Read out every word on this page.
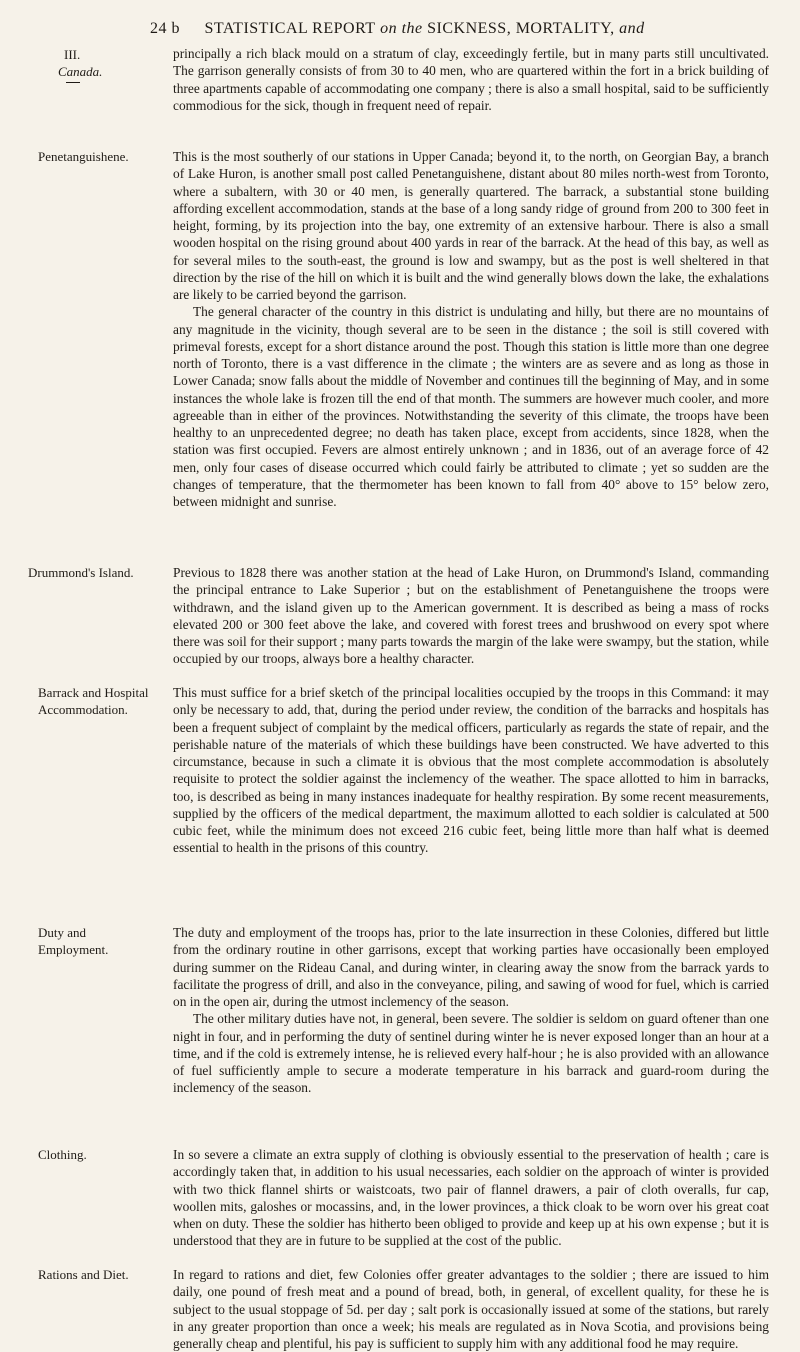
24 b STATISTICAL REPORT on the SICKNESS, MORTALITY, and
III.
Canada.
Penetanguishene.
Drummond's Island.
Barrack and Hospital Accommodation.
Duty and Employment.
Clothing.
Rations and Diet.

principally a rich black mould on a stratum of clay, exceedingly fertile, but in many parts still uncultivated. The garrison generally consists of from 30 to 40 men, who are quartered within the fort in a brick building of three apartments capable of accommodating one company ; there is also a small hospital, said to be sufficiently commodious for the sick, though in frequent need of repair.

This is the most southerly of our stations in Upper Canada; beyond it, to the north, on Georgian Bay, a branch of Lake Huron, is another small post called Penetanguishene, distant about 80 miles north-west from Toronto, where a subaltern, with 30 or 40 men, is generally quartered. The barrack, a substantial stone building affording excellent accommodation, stands at the base of a long sandy ridge of ground from 200 to 300 feet in height, forming, by its projection into the bay, one extremity of an extensive harbour. There is also a small wooden hospital on the rising ground about 400 yards in rear of the barrack. At the head of this bay, as well as for several miles to the south-east, the ground is low and swampy, but as the post is well sheltered in that direction by the rise of the hill on which it is built and the wind generally blows down the lake, the exhalations are likely to be carried beyond the garrison.

The general character of the country in this district is undulating and hilly, but there are no mountains of any magnitude in the vicinity, though several are to be seen in the distance ; the soil is still covered with primeval forests, except for a short distance around the post. Though this station is little more than one degree north of Toronto, there is a vast difference in the climate ; the winters are as severe and as long as those in Lower Canada; snow falls about the middle of November and continues till the beginning of May, and in some instances the whole lake is frozen till the end of that month. The summers are however much cooler, and more agreeable than in either of the provinces. Notwithstanding the severity of this climate, the troops have been healthy to an unprecedented degree; no death has taken place, except from accidents, since 1828, when the station was first occupied. Fevers are almost entirely unknown ; and in 1836, out of an average force of 42 men, only four cases of disease occurred which could fairly be attributed to climate ; yet so sudden are the changes of temperature, that the thermometer has been known to fall from 40° above to 15° below zero, between midnight and sunrise.

Previous to 1828 there was another station at the head of Lake Huron, on Drummond's Island, commanding the principal entrance to Lake Superior ; but on the establishment of Penetanguishene the troops were withdrawn, and the island given up to the American government. It is described as being a mass of rocks elevated 200 or 300 feet above the lake, and covered with forest trees and brushwood on every spot where there was soil for their support ; many parts towards the margin of the lake were swampy, but the station, while occupied by our troops, always bore a healthy character.

This must suffice for a brief sketch of the principal localities occupied by the troops in this Command: it may only be necessary to add, that, during the period under review, the condition of the barracks and hospitals has been a frequent subject of complaint by the medical officers, particularly as regards the state of repair, and the perishable nature of the materials of which these buildings have been constructed. We have adverted to this circumstance, because in such a climate it is obvious that the most complete accommodation is absolutely requisite to protect the soldier against the inclemency of the weather. The space allotted to him in barracks, too, is described as being in many instances inadequate for healthy respiration. By some recent measurements, supplied by the officers of the medical department, the maximum allotted to each soldier is calculated at 500 cubic feet, while the minimum does not exceed 216 cubic feet, being little more than half what is deemed essential to health in the prisons of this country.

The duty and employment of the troops has, prior to the late insurrection in these Colonies, differed but little from the ordinary routine in other garrisons, except that working parties have occasionally been employed during summer on the Rideau Canal, and during winter, in clearing away the snow from the barrack yards to facilitate the progress of drill, and also in the conveyance, piling, and sawing of wood for fuel, which is carried on in the open air, during the utmost inclemency of the season.

The other military duties have not, in general, been severe. The soldier is seldom on guard oftener than one night in four, and in performing the duty of sentinel during winter he is never exposed longer than an hour at a time, and if the cold is extremely intense, he is relieved every half-hour ; he is also provided with an allowance of fuel sufficiently ample to secure a moderate temperature in his barrack and guard-room during the inclemency of the season.

In so severe a climate an extra supply of clothing is obviously essential to the preservation of health ; care is accordingly taken that, in addition to his usual necessaries, each soldier on the approach of winter is provided with two thick flannel shirts or waistcoats, two pair of flannel drawers, a pair of cloth overalls, fur cap, woollen mits, galoshes or mocassins, and, in the lower provinces, a thick cloak to be worn over his great coat when on duty. These the soldier has hitherto been obliged to provide and keep up at his own expense ; but it is understood that they are in future to be supplied at the cost of the public.

In regard to rations and diet, few Colonies offer greater advantages to the soldier ; there are issued to him daily, one pound of fresh meat and a pound of bread, both, in general, of excellent quality, for these he is subject to the usual stoppage of 5d. per day ; salt pork is occasionally issued at some of the stations, but rarely in any greater proportion than once a week; his meals are regulated as in Nova Scotia, and provisions being generally cheap and plentiful, his pay is sufficient to supply him with any additional food he may require.
